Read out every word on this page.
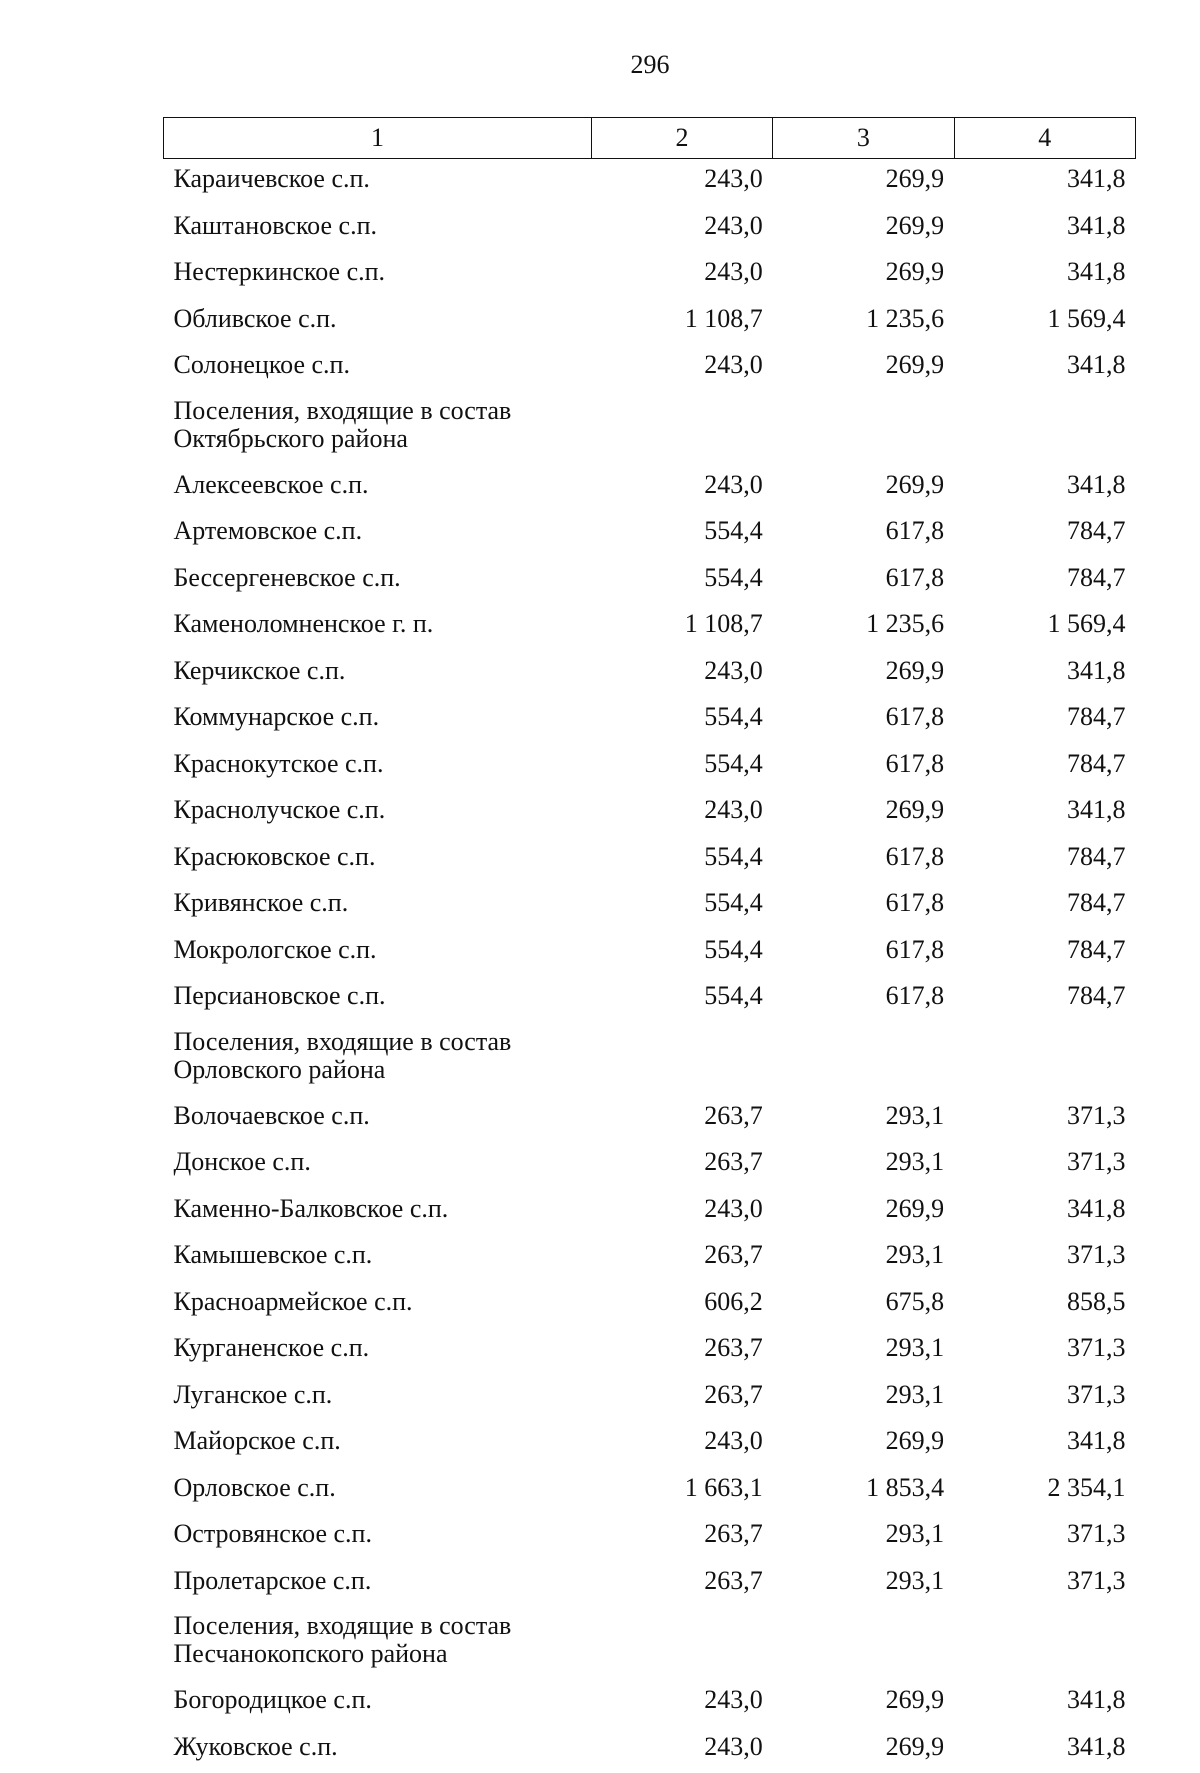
296
1	2	3	4
Караичевское с.п.	243,0	269,9	341,8
Каштановское с.п.	243,0	269,9	341,8
Нестеркинское с.п.	243,0	269,9	341,8
Обливское с.п.	1 108,7	1 235,6	1 569,4
Солонецкое с.п.	243,0	269,9	341,8

Поселения, входящие в состав Октябрьского района			

Алексеевское с.п.	243,0	269,9	341,8
Артемовское с.п.	554,4	617,8	784,7
Бессергеневское с.п.	554,4	617,8	784,7
Каменоломненское г. п.	1 108,7	1 235,6	1 569,4
Керчикское с.п.	243,0	269,9	341,8
Коммунарское с.п.	554,4	617,8	784,7
Краснокутское с.п.	554,4	617,8	784,7
Краснолучское с.п.	243,0	269,9	341,8
Красюковское с.п.	554,4	617,8	784,7
Кривянское с.п.	554,4	617,8	784,7
Мокрологское с.п.	554,4	617,8	784,7
Персиановское с.п.	554,4	617,8	784,7

Поселения, входящие в состав Орловского района			

Волочаевское с.п.	263,7	293,1	371,3
Донское с.п.	263,7	293,1	371,3
Каменно-Балковское с.п.	243,0	269,9	341,8
Камышевское с.п.	263,7	293,1	371,3
Красноармейское с.п.	606,2	675,8	858,5
Курганенское с.п.	263,7	293,1	371,3
Луганское с.п.	263,7	293,1	371,3
Майорское с.п.	243,0	269,9	341,8
Орловское с.п.	1 663,1	1 853,4	2 354,1
Островянское с.п.	263,7	293,1	371,3
Пролетарское с.п.	263,7	293,1	371,3

Поселения, входящие в состав Песчанокопского района			

Богородицкое с.п.	243,0	269,9	341,8
Жуковское с.п.	243,0	269,9	341,8
